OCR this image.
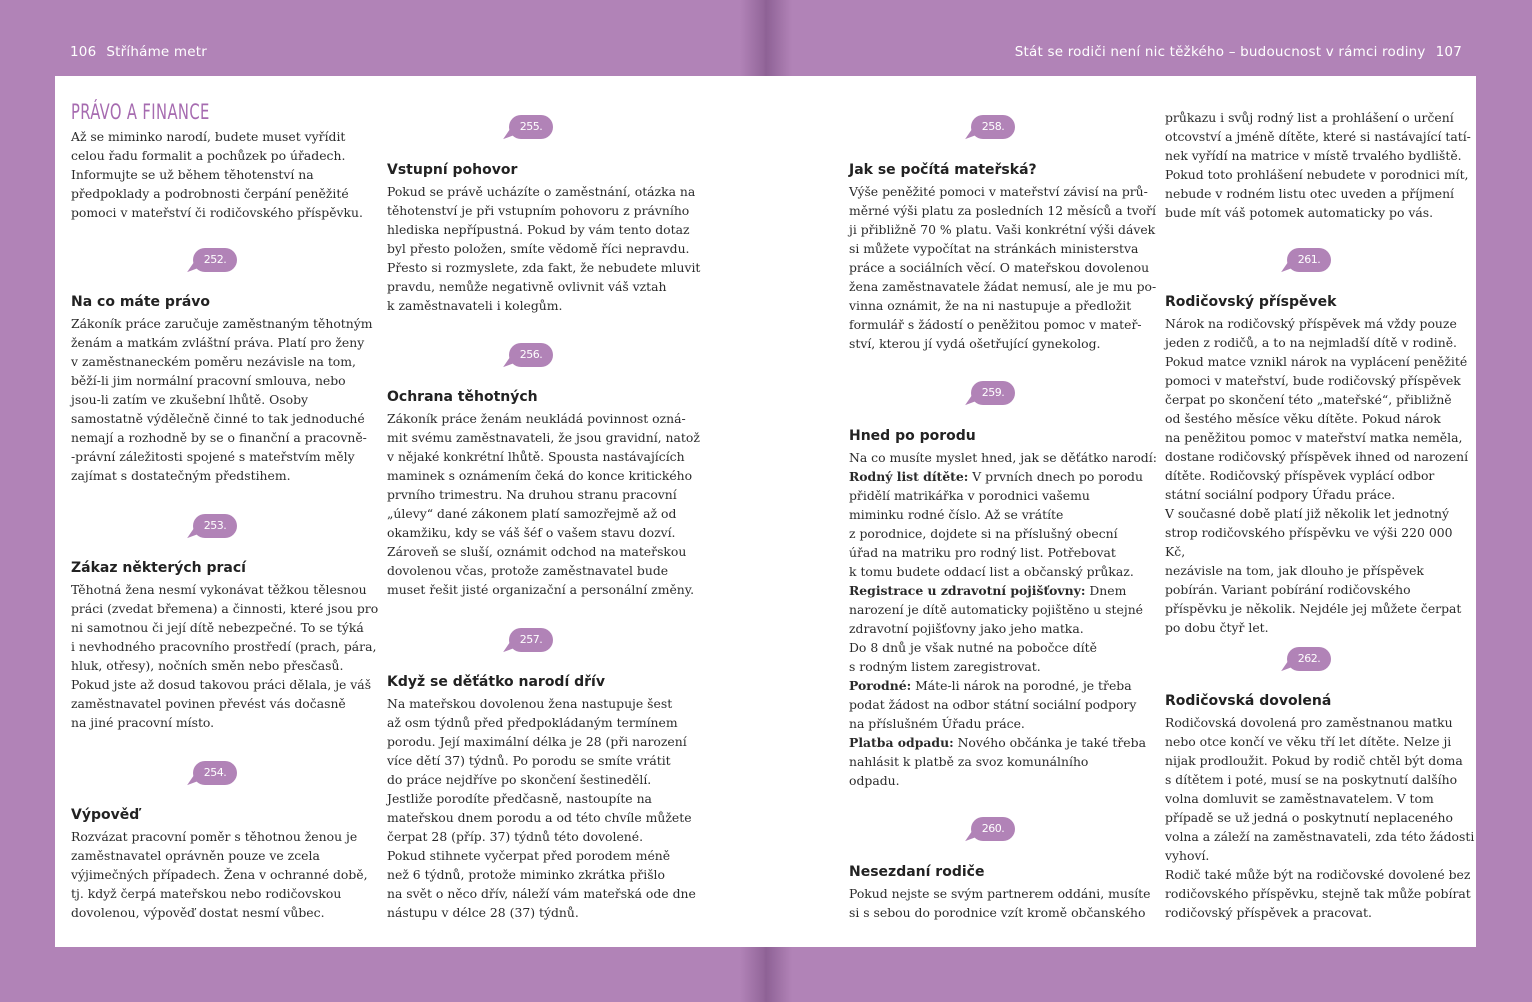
106 Stříháme metr	Stát se rodiči není nic těžkého – budoucnost v rámci rodiny 107
PRÁVO A FINANCE

Až se miminko narodí, budete muset vyřídit
celou řadu formalit a pochůzek po úřadech.
Informujte se už během těhotenství na
předpoklady a podrobnosti čerpání peněžité
pomoci v mateřství či rodičovského příspěvku.

252.
Na co máte právo

Zákoník práce zaručuje zaměstnaným těhotným
ženám a matkám zvláštní práva. Platí pro ženy
v zaměstnaneckém poměru nezávisle na tom,
běží-li jim normální pracovní smlouva, nebo
jsou-li zatím ve zkušební lhůtě. Osoby
samostatně výdělečně činné to tak jednoduché
nemají a rozhodně by se o finanční a pracovně-
-právní záležitosti spojené s mateřstvím měly
zajímat s dostatečným předstihem.

253.
Zákaz některých prací

Těhotná žena nesmí vykonávat těžkou tělesnou
práci (zvedat břemena) a činnosti, které jsou pro
ni samotnou či její dítě nebezpečné. To se týká
i nevhodného pracovního prostředí (prach, pára,
hluk, otřesy), nočních směn nebo přesčasů.
Pokud jste až dosud takovou práci dělala, je váš
zaměstnavatel povinen převést vás dočasně
na jiné pracovní místo.

254.
Výpověď

Rozvázat pracovní poměr s těhotnou ženou je
zaměstnavatel oprávněn pouze ve zcela
výjimečných případech. Žena v ochranné době,
tj. když čerpá mateřskou nebo rodičovskou
dovolenou, výpověď dostat nesmí vůbec.

255.
Vstupní pohovor

Pokud se právě ucházíte o zaměstnání, otázka na
těhotenství je při vstupním pohovoru z právního
hlediska nepřípustná. Pokud by vám tento dotaz
byl přesto položen, smíte vědomě říci nepravdu.
Přesto si rozmyslete, zda fakt, že nebudete mluvit
pravdu, nemůže negativně ovlivnit váš vztah
k zaměstnavateli i kolegům.

256.
Ochrana těhotných

Zákoník práce ženám neukládá povinnost ozná-
mit svému zaměstnavateli, že jsou gravidní, natož
v nějaké konkrétní lhůtě. Spousta nastávajících
maminek s oznámením čeká do konce kritického
prvního trimestru. Na druhou stranu pracovní
„úlevy“ dané zákonem platí samozřejmě až od
okamžiku, kdy se váš šéf o vašem stavu dozví.
Zároveň se sluší, oznámit odchod na mateřskou
dovolenou včas, protože zaměstnavatel bude
muset řešit jisté organizační a personální změny.

257.
Když se děťátko narodí dřív

Na mateřskou dovolenou žena nastupuje šest
až osm týdnů před předpokládaným termínem
porodu. Její maximální délka je 28 (při narození
více dětí 37) týdnů. Po porodu se smíte vrátit
do práce nejdříve po skončení šestinedělí.
Jestliže porodíte předčasně, nastoupíte na
mateřskou dnem porodu a od této chvíle můžete
čerpat 28 (příp. 37) týdnů této dovolené.
Pokud stihnete vyčerpat před porodem méně
než 6 týdnů, protože miminko zkrátka přišlo
na svět o něco dřív, náleží vám mateřská ode dne
nástupu v délce 28 (37) týdnů.

258.
Jak se počítá mateřská?

Výše peněžité pomoci v mateřství závisí na prů-
měrné výši platu za posledních 12 měsíců a tvoří
ji přibližně 70 % platu. Vaši konkrétní výši dávek
si můžete vypočítat na stránkách ministerstva
práce a sociálních věcí. O mateřskou dovolenou
žena zaměstnavatele žádat nemusí, ale je mu po-
vinna oznámit, že na ni nastupuje a předložit
formulář s žádostí o peněžitou pomoc v mateř-
ství, kterou jí vydá ošetřující gynekolog.

259.
Hned po porodu

Na co musíte myslet hned, jak se děťátko narodí:

Rodný list dítěte: V prvních dnech po porodu
přidělí matrikářka v porodnici vašemu
miminku rodné číslo. Až se vrátíte
z porodnice, dojdete si na příslušný obecní
úřad na matriku pro rodný list. Potřebovat
k tomu budete oddací list a občanský průkaz.

Registrace u zdravotní pojišťovny: Dnem
narození je dítě automaticky pojištěno u stejné
zdravotní pojišťovny jako jeho matka.
Do 8 dnů je však nutné na pobočce dítě
s rodným listem zaregistrovat.

Porodné: Máte-li nárok na porodné, je třeba
podat žádost na odbor státní sociální podpory
na příslušném Úřadu práce.

Platba odpadu: Nového občánka je také třeba
nahlásit k platbě za svoz komunálního
odpadu.

260.
Nesezdaní rodiče

Pokud nejste se svým partnerem oddáni, musíte
si s sebou do porodnice vzít kromě občanského

průkazu i svůj rodný list a prohlášení o určení
otcovství a jméně dítěte, které si nastávající tatí-
nek vyřídí na matrice v místě trvalého bydliště.
Pokud toto prohlášení nebudete v porodnici mít,
nebude v rodném listu otec uveden a příjmení
bude mít váš potomek automaticky po vás.

261.
Rodičovský příspěvek

Nárok na rodičovský příspěvek má vždy pouze
jeden z rodičů, a to na nejmladší dítě v rodině.
Pokud matce vznikl nárok na vyplácení peněžité
pomoci v mateřství, bude rodičovský příspěvek
čerpat po skončení této „mateřské“, přibližně
od šestého měsíce věku dítěte. Pokud nárok
na peněžitou pomoc v mateřství matka neměla,
dostane rodičovský příspěvek ihned od narození
dítěte. Rodičovský příspěvek vyplácí odbor
státní sociální podpory Úřadu práce.
V současné době platí již několik let jednotný
strop rodičovského příspěvku ve výši 220 000 Kč,
nezávisle na tom, jak dlouho je příspěvek
pobírán. Variant pobírání rodičovského
příspěvku je několik. Nejdéle jej můžete čerpat
po dobu čtyř let.

262.
Rodičovská dovolená

Rodičovská dovolená pro zaměstnanou matku
nebo otce končí ve věku tří let dítěte. Nelze ji
nijak prodloužit. Pokud by rodič chtěl být doma
s dítětem i poté, musí se na poskytnutí dalšího
volna domluvit se zaměstnavatelem. V tom
případě se už jedná o poskytnutí neplaceného
volna a záleží na zaměstnavateli, zda této žádosti
vyhoví.
Rodič také může být na rodičovské dovolené bez
rodičovského příspěvku, stejně tak může pobírat
rodičovský příspěvek a pracovat.
